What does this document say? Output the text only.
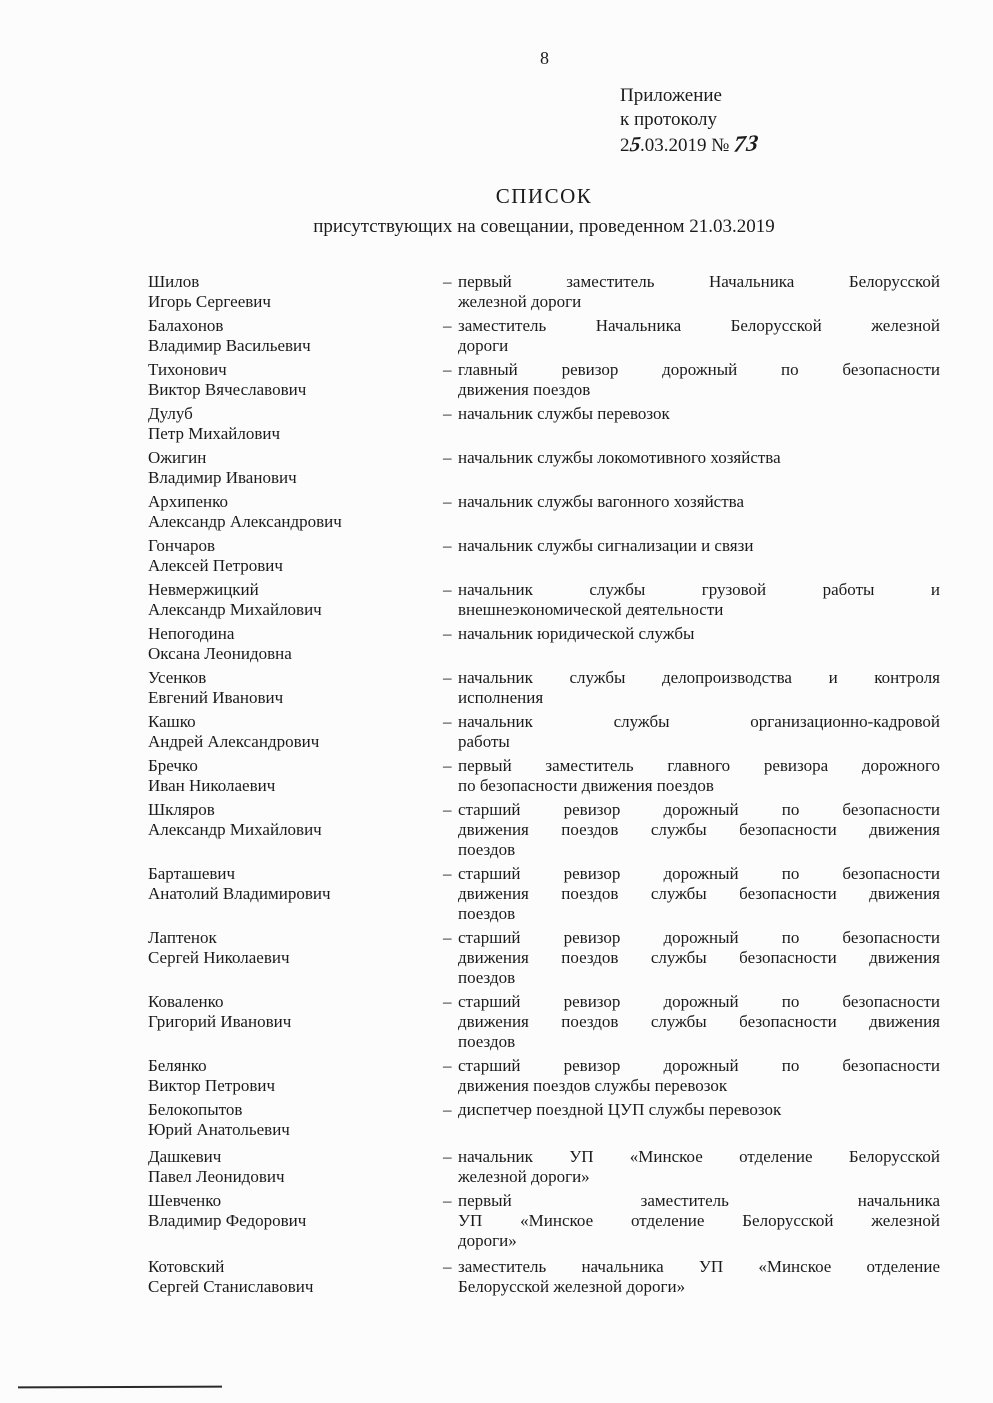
8
Приложение
к протоколу
25.03.2019 № 73
СПИСОК
присутствующих на совещании, проведенном 21.03.2019
Шилов
Игорь Сергеевич
– первый заместитель Начальника Белорусской
железной дороги
Балахонов
Владимир Васильевич
– заместитель Начальника Белорусской железной
дороги
Тихонович
Виктор Вячеславович
– главный ревизор дорожный по безопасности
движения поездов
Дулуб
Петр Михайлович
– начальник службы перевозок
Ожигин
Владимир Иванович
– начальник службы локомотивного хозяйства
Архипенко
Александр Александрович
– начальник службы вагонного хозяйства
Гончаров
Алексей Петрович
– начальник службы сигнализации и связи
Невмержицкий
Александр Михайлович
– начальник службы грузовой работы и
внешнеэкономической деятельности
Непогодина
Оксана Леонидовна
– начальник юридической службы
Усенков
Евгений Иванович
– начальник службы делопроизводства и контроля
исполнения
Кашко
Андрей Александрович
– начальник службы организационно-кадровой
работы
Бречко
Иван Николаевич
– первый заместитель главного ревизора дорожного
по безопасности движения поездов
Шкляров
Александр Михайлович
– старший ревизор дорожный по безопасности
движения поездов службы безопасности движения
поездов
Барташевич
Анатолий Владимирович
– старший ревизор дорожный по безопасности
движения поездов службы безопасности движения
поездов
Лаптенок
Сергей Николаевич
– старший ревизор дорожный по безопасности
движения поездов службы безопасности движения
поездов
Коваленко
Григорий Иванович
– старший ревизор дорожный по безопасности
движения поездов службы безопасности движения
поездов
Белянко
Виктор Петрович
– старший ревизор дорожный по безопасности
движения поездов службы перевозок
Белокопытов
Юрий Анатольевич
– диспетчер поездной ЦУП службы перевозок
Дашкевич
Павел Леонидович
– начальник УП «Минское отделение Белорусской
железной дороги»
Шевченко
Владимир Федорович
– первый заместитель начальника
УП «Минское отделение Белорусской железной
дороги»
Котовский
Сергей Станиславович
– заместитель начальника УП «Минское отделение
Белорусской железной дороги»
